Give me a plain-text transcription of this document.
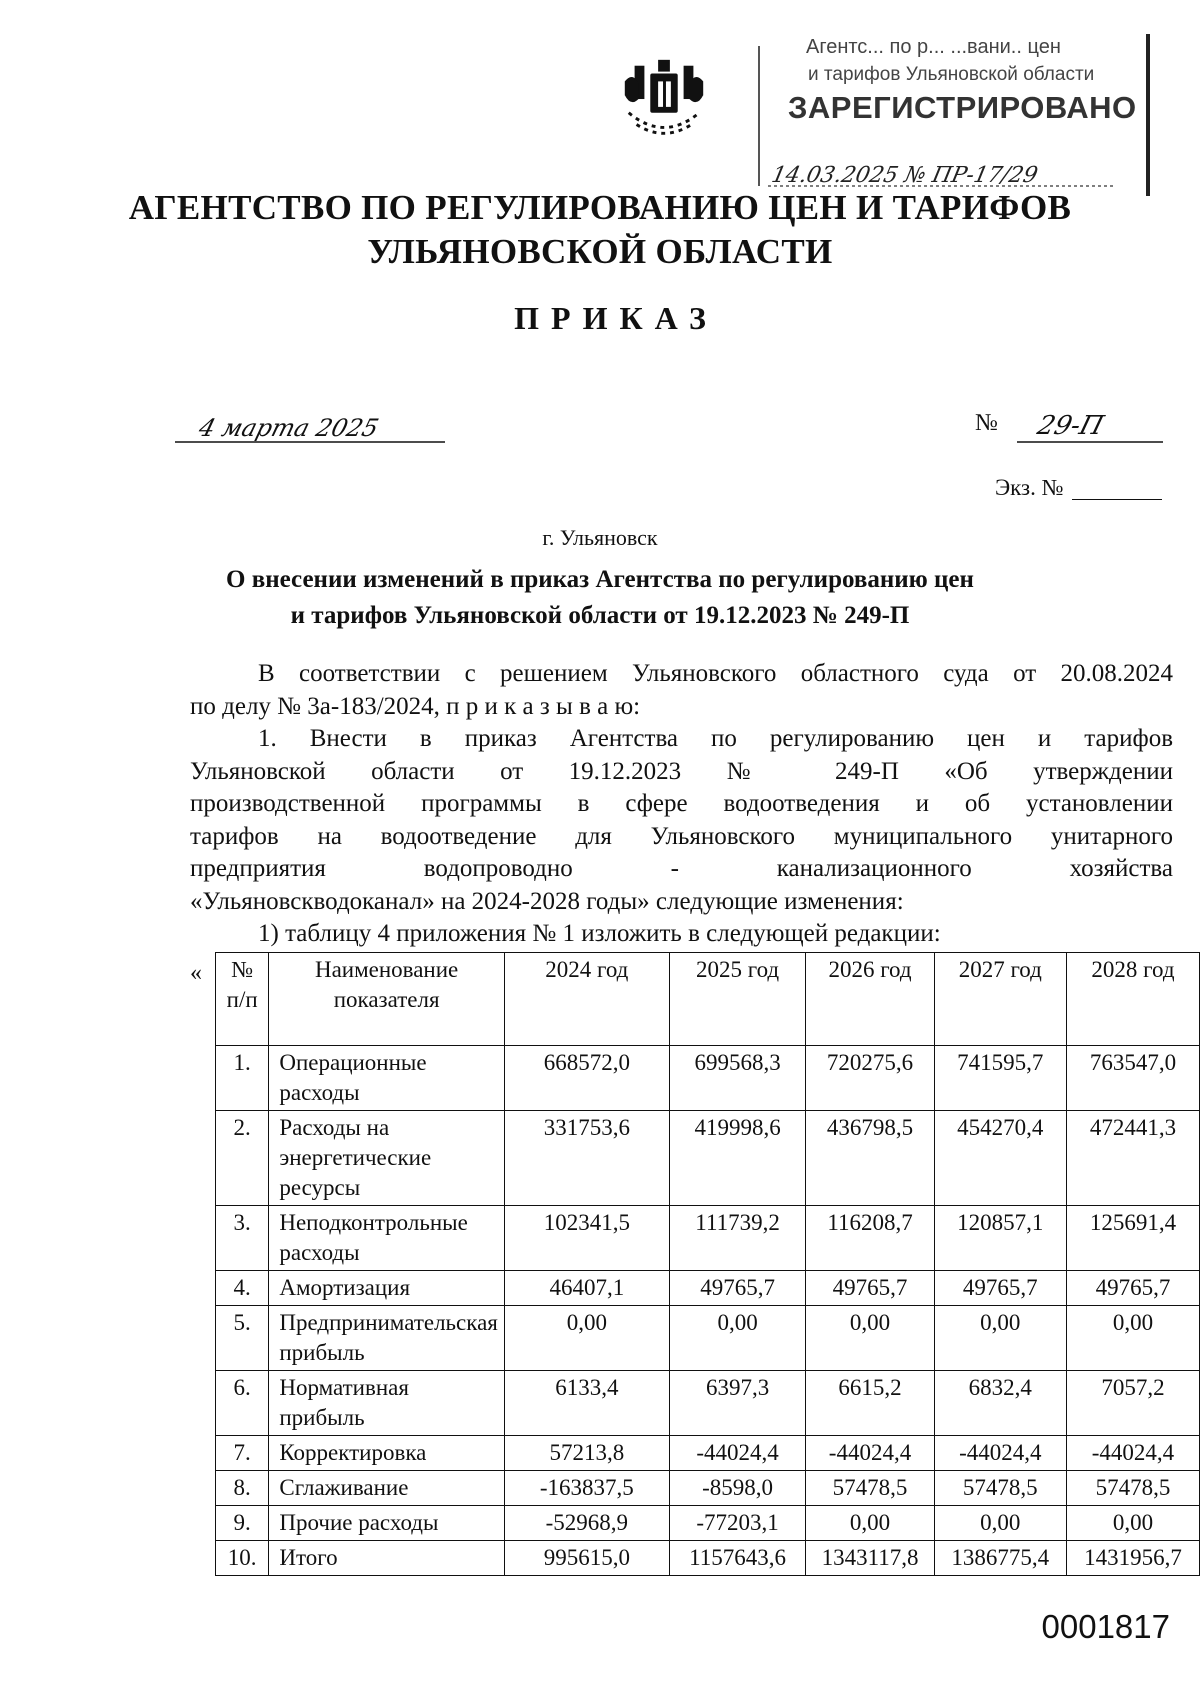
Агентс... по р... ...вани.. цен
и тарифов Ульяновской области
ЗАРЕГИСТРИРОВАНО
14.03.2025 № ПР-17/29
АГЕНТСТВО ПО РЕГУЛИРОВАНИЮ ЦЕН И ТАРИФОВ
УЛЬЯНОВСКОЙ ОБЛАСТИ
ПРИКАЗ
4 марта 2025	№ 29-П
Экз. №
г. Ульяновск
О внесении изменений в приказ Агентства по регулированию цен
и тарифов Ульяновской области от 19.12.2023 № 249-П
В соответствии с решением Ульяновского областного суда от 20.08.2024
по делу № 3а-183/2024, п р и к а з ы в а ю:
1. Внести в приказ Агентства по регулированию цен и тарифов
Ульяновской области от 19.12.2023 № 249-П «Об утверждении
производственной программы в сфере водоотведения и об установлении
тарифов на водоотведение для Ульяновского муниципального унитарного
предприятия водопроводно - канализационного хозяйства
«Ульяновскводоканал» на 2024-2028 годы» следующие изменения:
1) таблицу 4 приложения № 1 изложить в следующей редакции:
« № п/п	Наименование показателя	2024 год	2025 год	2026 год	2027 год	2028 год
1.	Операционные расходы	668572,0	699568,3	720275,6	741595,7	763547,0
2.	Расходы на энергетические ресурсы	331753,6	419998,6	436798,5	454270,4	472441,3
3.	Неподконтрольные расходы	102341,5	111739,2	116208,7	120857,1	125691,4
4.	Амортизация	46407,1	49765,7	49765,7	49765,7	49765,7
5.	Предпринимательская прибыль	0,00	0,00	0,00	0,00	0,00
6.	Нормативная прибыль	6133,4	6397,3	6615,2	6832,4	7057,2
7.	Корректировка	57213,8	-44024,4	-44024,4	-44024,4	-44024,4
8.	Сглаживание	-163837,5	-8598,0	57478,5	57478,5	57478,5
9.	Прочие расходы	-52968,9	-77203,1	0,00	0,00	0,00
10.	Итого	995615,0	1157643,6	1343117,8	1386775,4	1431956,7
0001817
